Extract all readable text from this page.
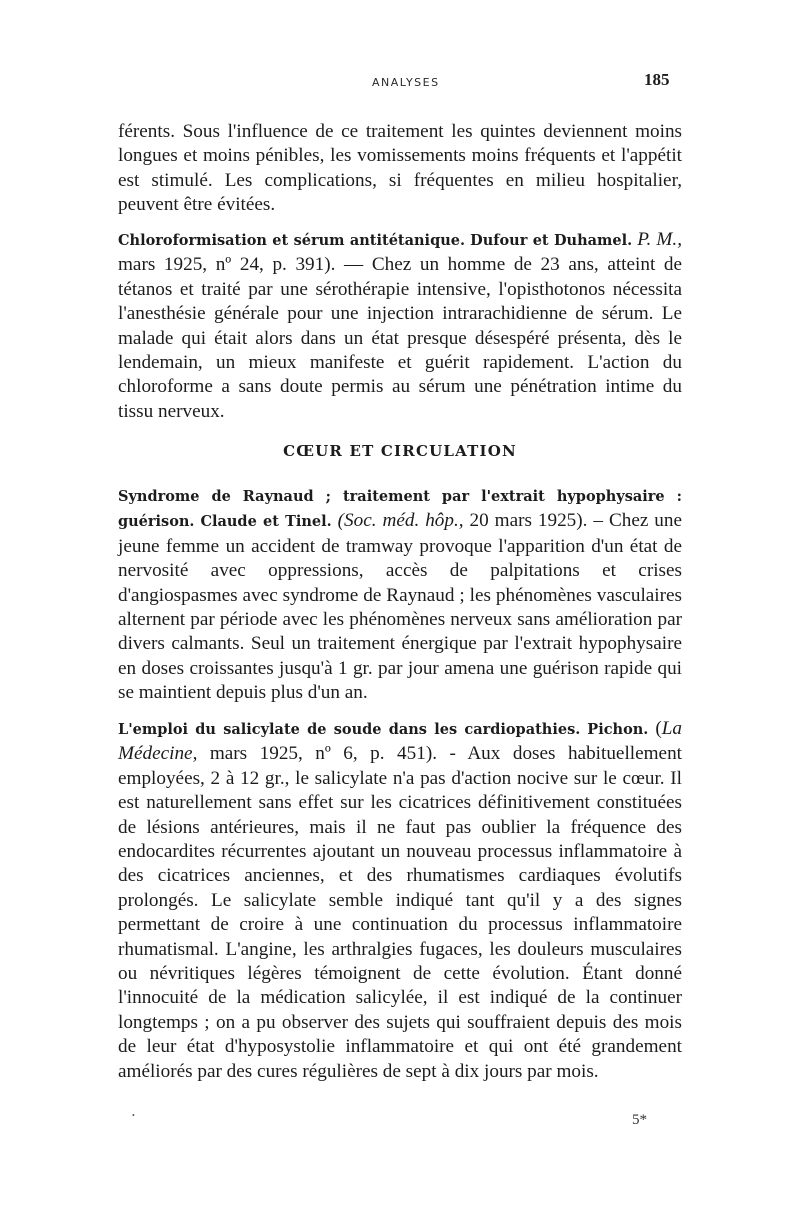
ANALYSES	185

férents. Sous l'influence de ce traitement les quintes deviennent moins longues et moins pénibles, les vomissements moins fréquents et l'appétit est stimulé. Les complications, si fréquentes en milieu hospitalier, peuvent être évitées.

Chloroformisation et sérum antitétanique. Dufour et Duhamel. P. M., mars 1925, nº 24, p. 391). — Chez un homme de 23 ans, atteint de tétanos et traité par une sérothérapie intensive, l'opisthotonos nécessita l'anesthésie générale pour une injection intrarachidienne de sérum. Le malade qui était alors dans un état presque désespéré présenta, dès le lendemain, un mieux manifeste et guérit rapidement. L'action du chloroforme a sans doute permis au sérum une pénétration intime du tissu nerveux.

CŒUR ET CIRCULATION

Syndrome de Raynaud ; traitement par l'extrait hypophysaire : guérison. Claude et Tinel. (Soc. méd. hôp., 20 mars 1925). – Chez une jeune femme un accident de tramway provoque l'apparition d'un état de nervosité avec oppressions, accès de palpitations et crises d'angiospasmes avec syndrome de Raynaud ; les phénomènes vasculaires alternent par période avec les phénomènes nerveux sans amélioration par divers calmants. Seul un traitement énergique par l'extrait hypophysaire en doses croissantes jusqu'à 1 gr. par jour amena une guérison rapide qui se maintient depuis plus d'un an.

L'emploi du salicylate de soude dans les cardiopathies. Pichon. (La Médecine, mars 1925, nº 6, p. 451). - Aux doses habituellement employées, 2 à 12 gr., le salicylate n'a pas d'action nocive sur le cœur. Il est naturellement sans effet sur les cicatrices définitivement constituées de lésions antérieures, mais il ne faut pas oublier la fréquence des endocardites récurrentes ajoutant un nouveau processus inflammatoire à des cicatrices anciennes, et des rhumatismes cardiaques évolutifs prolongés. Le salicylate semble indiqué tant qu'il y a des signes permettant de croire à une continuation du processus inflammatoire rhumatismal. L'angine, les arthralgies fugaces, les douleurs musculaires ou névritiques légères témoignent de cette évolution. Étant donné l'innocuité de la médication salicylée, il est indiqué de la continuer longtemps ; on a pu observer des sujets qui souffraient depuis des mois de leur état d'hyposystolie inflammatoire et qui ont été grandement améliorés par des cures régulières de sept à dix jours par mois.

·	5*
